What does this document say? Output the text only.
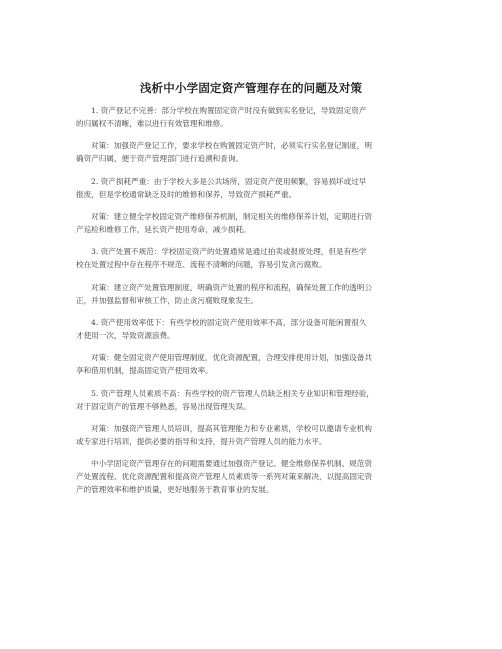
浅析中小学固定资产管理存在的问题及对策
1. 资产登记不完善：部分学校在购置固定资产时没有做到实名登记，导致固定资产
的归属权不清晰，难以进行有效管理和维修。
对策：加强资产登记工作，要求学校在购置固定资产时，必须实行实名登记制度，明
确资产归属，便于资产管理部门进行追溯和查询。
2. 资产损耗严重：由于学校大多是公共场所，固定资产使用频繁，容易损坏或过早
报废，但是学校通常缺乏及时的维修和保养，导致资产损耗严重。
对策：建立健全学校固定资产维修保养机制，制定相关的维修保养计划，定期进行资
产巡检和维修工作，延长资产使用寿命，减少损耗。
3. 资产处置不规范：学校固定资产的处置通常是通过拍卖或报废处理，但是有些学
校在处置过程中存在程序不规范、流程不清晰的问题，容易引发贪污腐败。
对策：建立资产处置管理制度，明确资产处置的程序和流程，确保处置工作的透明公
正，并加强监督和审核工作，防止贪污腐败现象发生。
4. 资产使用效率低下：有些学校的固定资产使用效率不高，部分设备可能闲置很久
才使用一次，导致资源浪费。
对策：健全固定资产使用管理制度，优化资源配置，合理安排使用计划，加强设备共
享和借用机制，提高固定资产使用效率。
5. 资产管理人员素质不高：有些学校的资产管理人员缺乏相关专业知识和管理经验，
对于固定资产的管理不够熟悉，容易出现管理失误。
对策：加强资产管理人员培训，提高其管理能力和专业素质，学校可以邀请专业机构
或专家进行培训，提供必要的指导和支持，提升资产管理人员的能力水平。
中小学固定资产管理存在的问题需要通过加强资产登记、健全维修保养机制、规范资
产处置流程、优化资源配置和提高资产管理人员素质等一系列对策来解决，以提高固定资
产的管理效率和维护质量，更好地服务于教育事业的发展。
